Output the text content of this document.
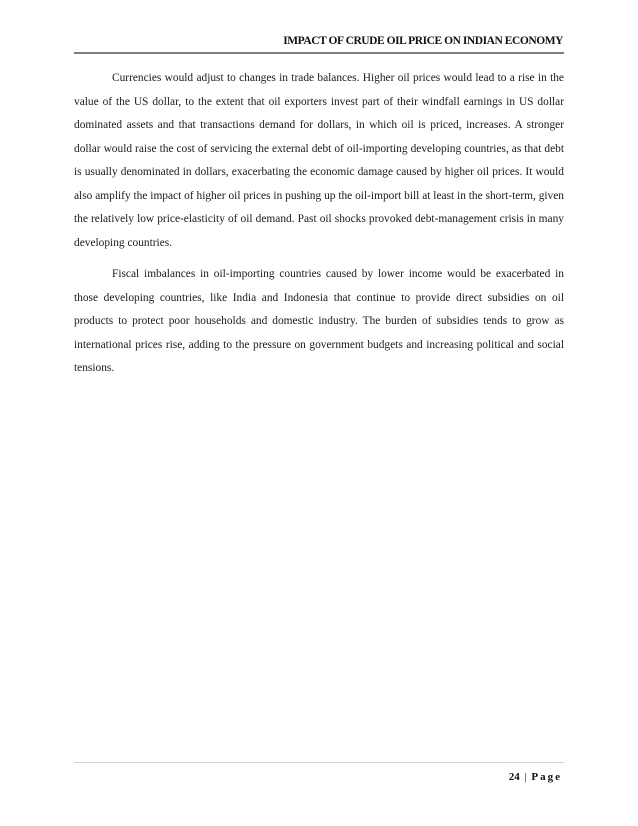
IMPACT OF CRUDE OIL PRICE ON INDIAN ECONOMY

Currencies would adjust to changes in trade balances. Higher oil prices would lead to a rise in the value of the US dollar, to the extent that oil exporters invest part of their windfall earnings in US dollar dominated assets and that transactions demand for dollars, in which oil is priced, increases. A stronger dollar would raise the cost of servicing the external debt of oil-importing developing countries, as that debt is usually denominated in dollars, exacerbating the economic damage caused by higher oil prices. It would also amplify the impact of higher oil prices in pushing up the oil-import bill at least in the short-term, given the relatively low price-elasticity of oil demand. Past oil shocks provoked debt-management crisis in many developing countries.

Fiscal imbalances in oil-importing countries caused by lower income would be exacerbated in those developing countries, like India and Indonesia that continue to provide direct subsidies on oil products to protect poor households and domestic industry. The burden of subsidies tends to grow as international prices rise, adding to the pressure on government budgets and increasing political and social tensions.

24 | Page
